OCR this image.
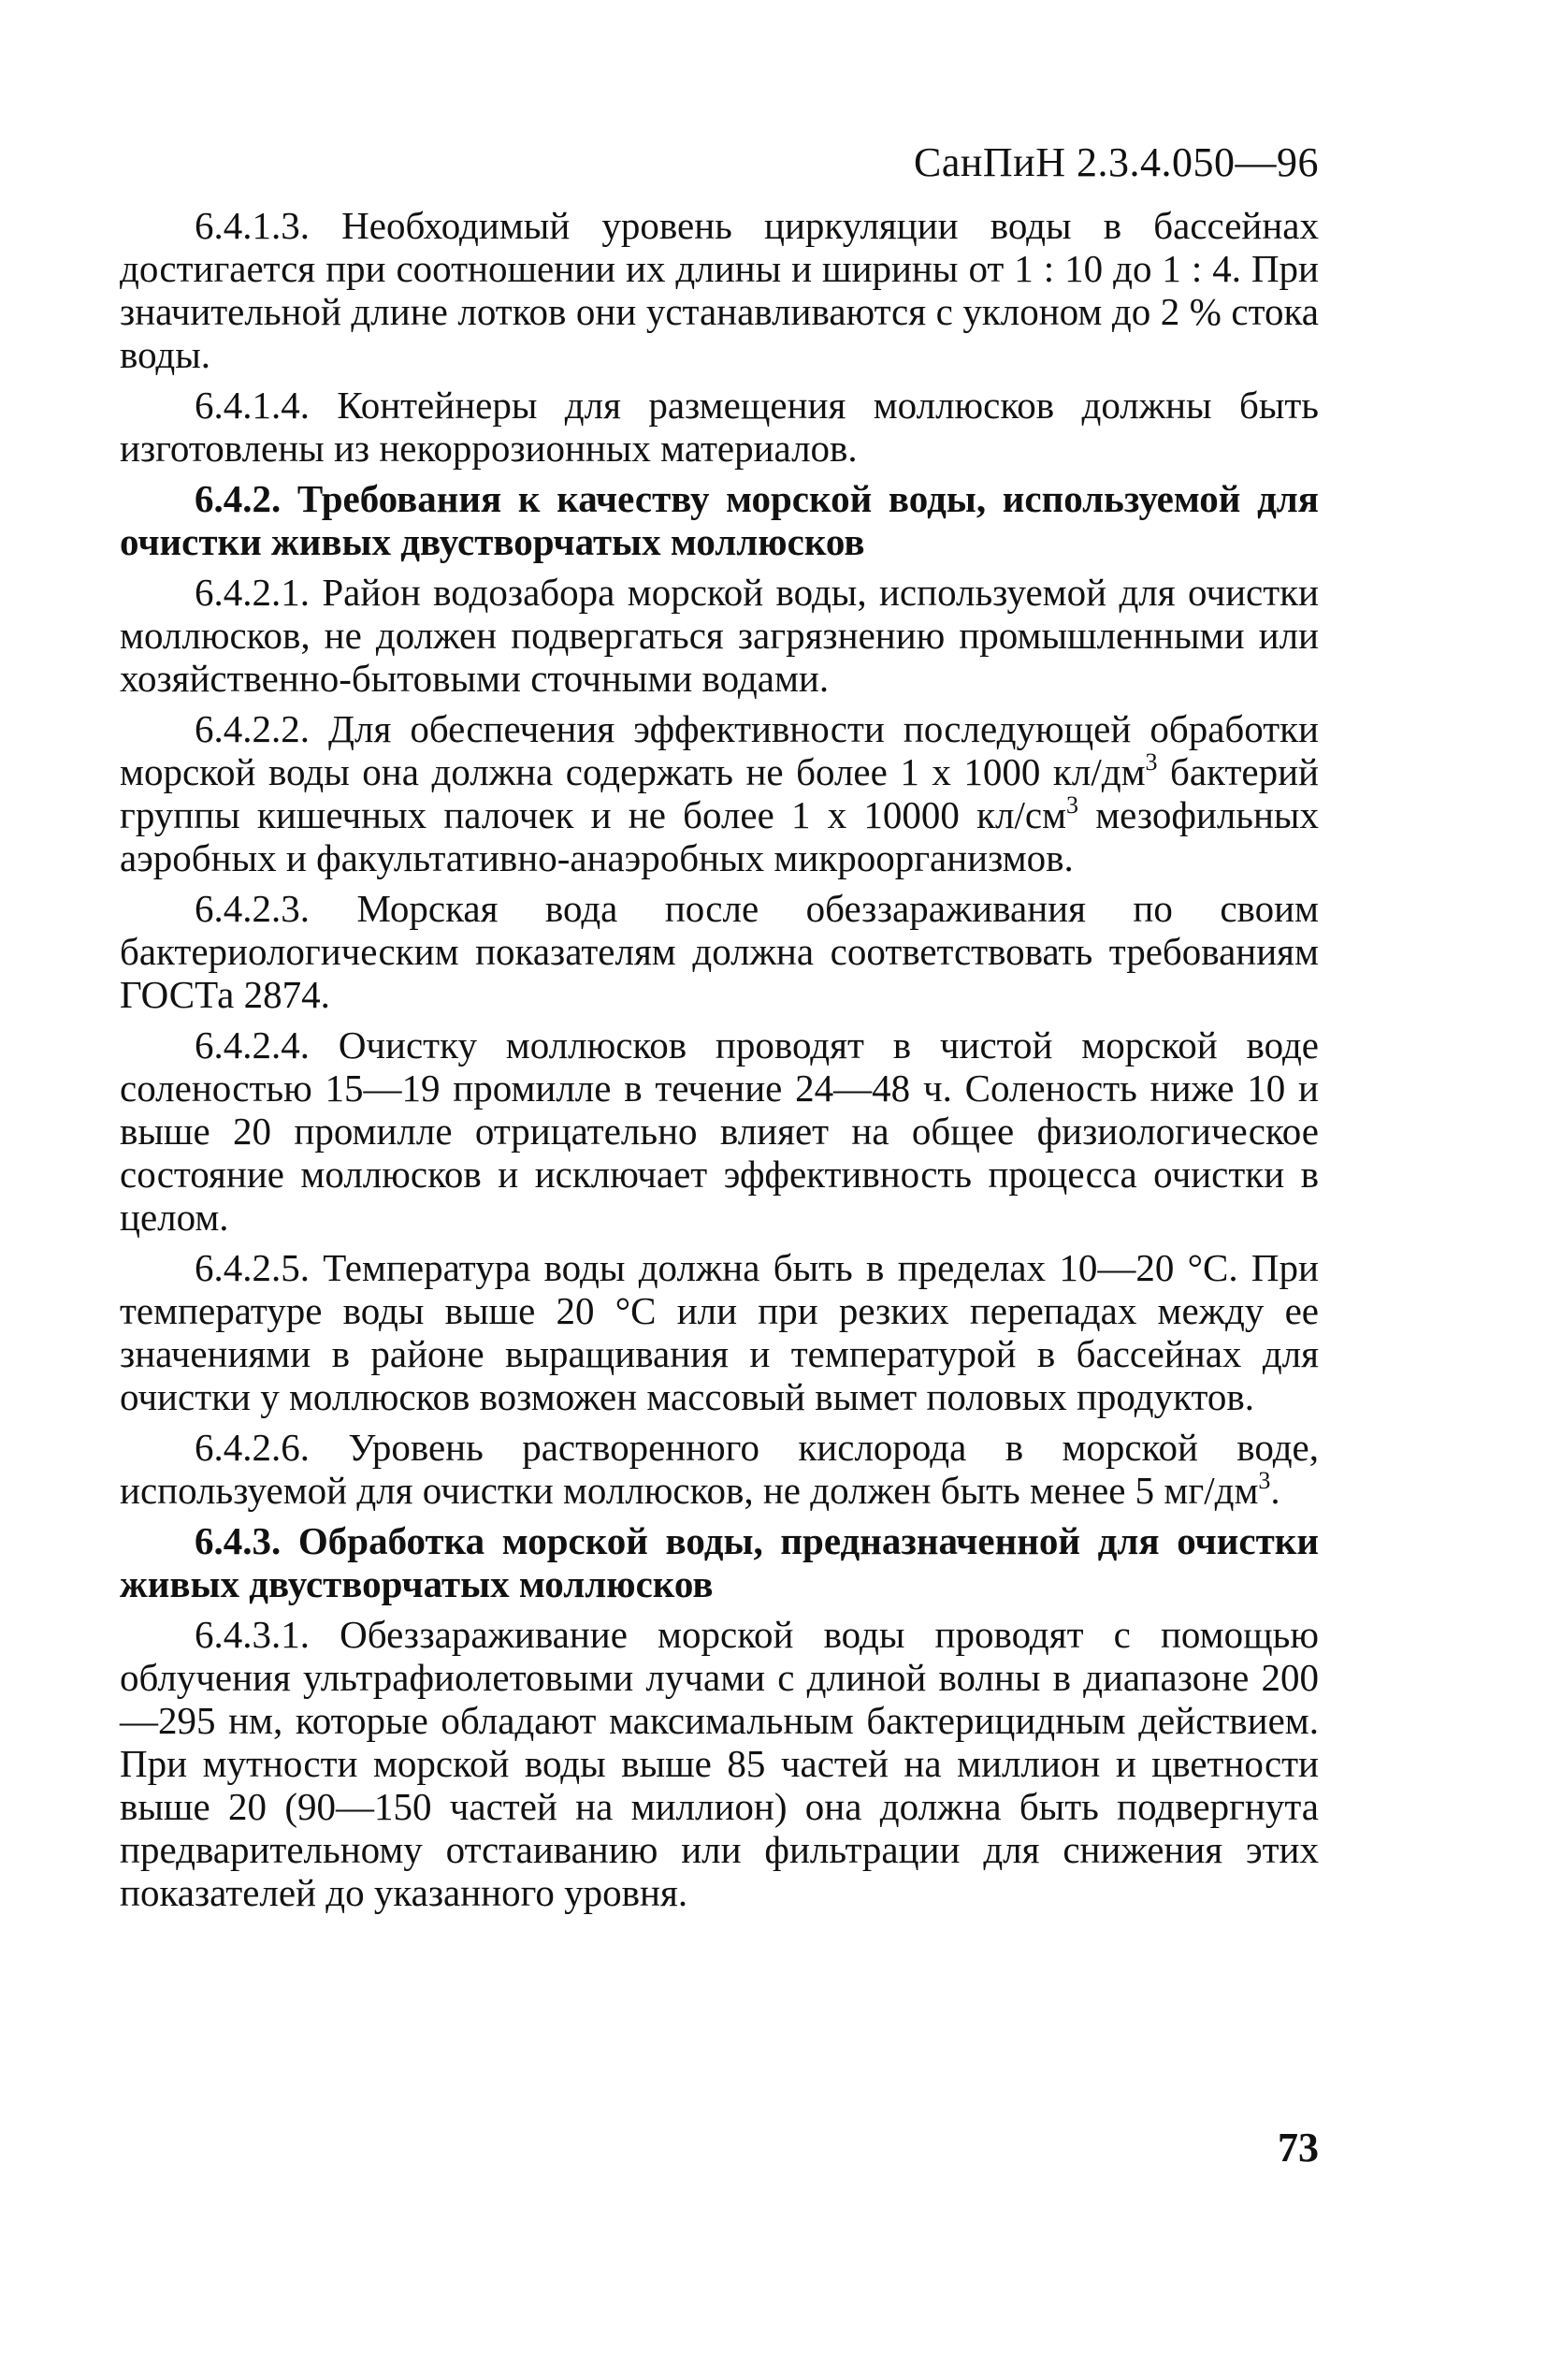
СанПиН 2.3.4.050—96

6.4.1.3. Необходимый уровень циркуляции воды в бассейнах достигается при соотношении их длины и ширины от 1 : 10 до 1 : 4. При значительной длине лотков они устанавливаются с уклоном до 2 % стока воды.

6.4.1.4. Контейнеры для размещения моллюсков должны быть изготовлены из некоррозионных материалов.

6.4.2. Требования к качеству морской воды, используемой для очистки живых двустворчатых моллюсков

6.4.2.1. Район водозабора морской воды, используемой для очистки моллюсков, не должен подвергаться загрязнению промышленными или хозяйственно-бытовыми сточными водами.

6.4.2.2. Для обеспечения эффективности последующей обработки морской воды она должна содержать не более 1 х 1000 $кл/дм^3$ бактерий группы кишечных палочек и не более 1 х 10000 $кл/см^3$ мезофильных аэробных и факультативно-анаэробных микроорганизмов.

6.4.2.3. Морская вода после обеззараживания по своим бактериологическим показателям должна соответствовать требованиям ГОСТа 2874.

6.4.2.4. Очистку моллюсков проводят в чистой морской воде соленостью 15—19 промилле в течение 24—48 ч. Соленость ниже 10 и выше 20 промилле отрицательно влияет на общее физиологическое состояние моллюсков и исключает эффективность процесса очистки в целом.

6.4.2.5. Температура воды должна быть в пределах 10—20 °С. При температуре воды выше 20 °С или при резких перепадах между ее значениями в районе выращивания и температурой в бассейнах для очистки у моллюсков возможен массовый вымет половых продуктов.

6.4.2.6. Уровень растворенного кислорода в морской воде, используемой для очистки моллюсков, не должен быть менее 5 $мг/дм^3$.

6.4.3. Обработка морской воды, предназначенной для очистки живых двустворчатых моллюсков

6.4.3.1. Обеззараживание морской воды проводят с помощью облучения ультрафиолетовыми лучами с длиной волны в диапазоне 200—295 нм, которые обладают максимальным бактерицидным действием. При мутности морской воды выше 85 частей на миллион и цветности выше 20 (90—150 частей на миллион) она должна быть подвергнута предварительному отстаиванию или фильтрации для снижения этих показателей до указанного уровня.

73
